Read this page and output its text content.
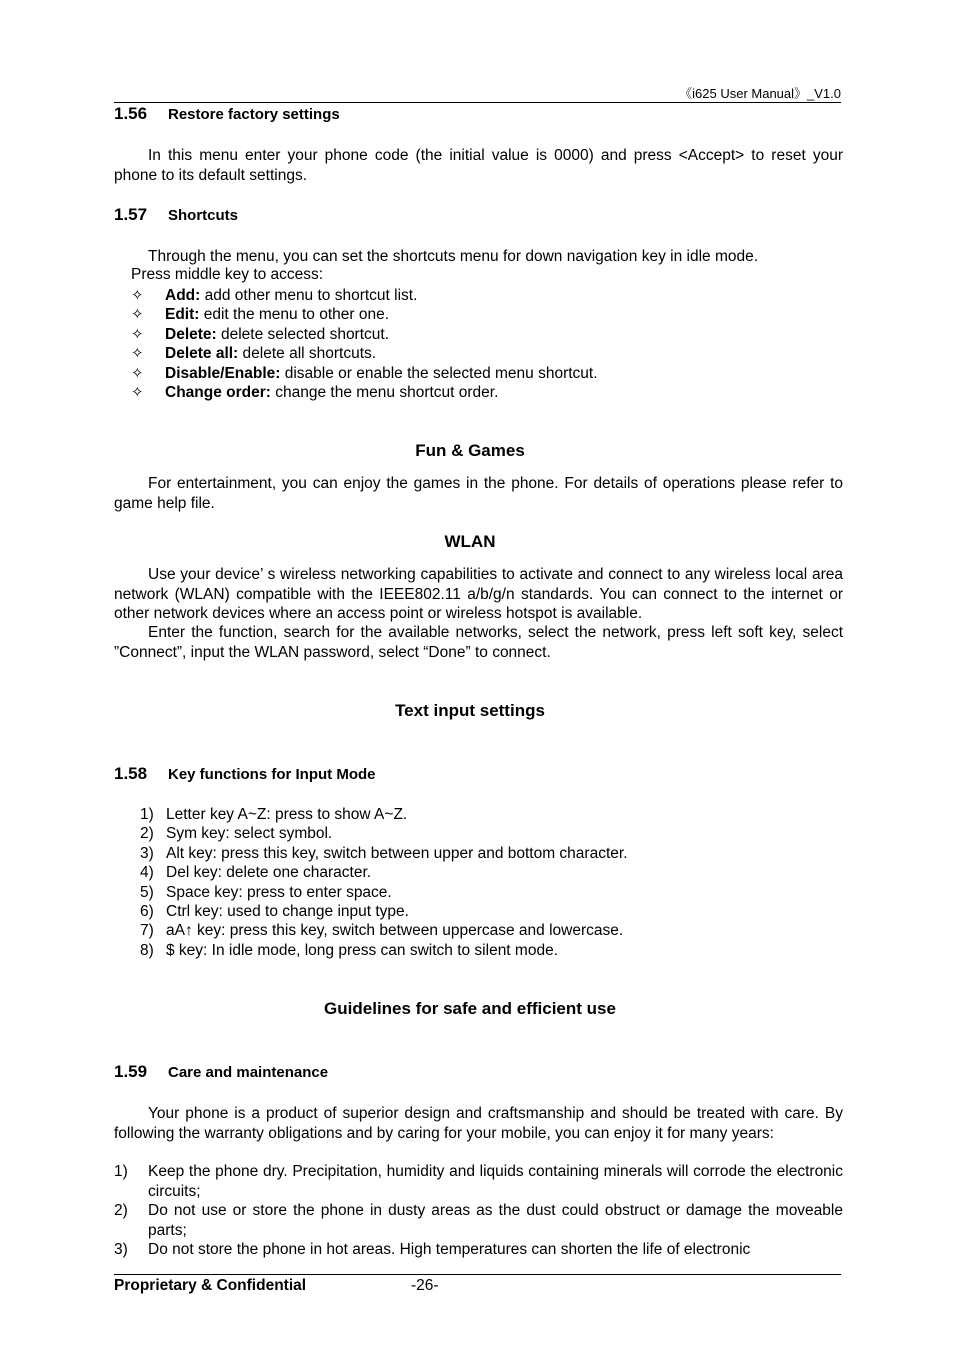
《i625 User Manual》_V1.0
1.56 Restore factory settings
In this menu enter your phone code (the initial value is 0000) and press <Accept> to reset your phone to its default settings.
1.57 Shortcuts
Through the menu, you can set the shortcuts menu for down navigation key in idle mode.
Press middle key to access:
✧ Add: add other menu to shortcut list.
✧ Edit: edit the menu to other one.
✧ Delete: delete selected shortcut.
✧ Delete all: delete all shortcuts.
✧ Disable/Enable: disable or enable the selected menu shortcut.
✧ Change order: change the menu shortcut order.
Fun & Games
For entertainment, you can enjoy the games in the phone. For details of operations please refer to game help file.
WLAN
Use your device’ s wireless networking capabilities to activate and connect to any wireless local area network (WLAN) compatible with the IEEE802.11 a/b/g/n standards. You can connect to the internet or other network devices where an access point or wireless hotspot is available.
Enter the function, search for the available networks, select the network, press left soft key, select ”Connect”, input the WLAN password, select “Done” to connect.
Text input settings
1.58 Key functions for Input Mode
1) Letter key A~Z: press to show A~Z.
2) Sym key: select symbol.
3) Alt key: press this key, switch between upper and bottom character.
4) Del key: delete one character.
5) Space key: press to enter space.
6) Ctrl key: used to change input type.
7) aA↑ key: press this key, switch between uppercase and lowercase.
8) $ key: In idle mode, long press can switch to silent mode.
Guidelines for safe and efficient use
1.59 Care and maintenance
Your phone is a product of superior design and craftsmanship and should be treated with care. By following the warranty obligations and by caring for your mobile, you can enjoy it for many years:
1) Keep the phone dry. Precipitation, humidity and liquids containing minerals will corrode the electronic circuits;
2) Do not use or store the phone in dusty areas as the dust could obstruct or damage the moveable parts;
3) Do not store the phone in hot areas. High temperatures can shorten the life of electronic
Proprietary & Confidential	-26-
